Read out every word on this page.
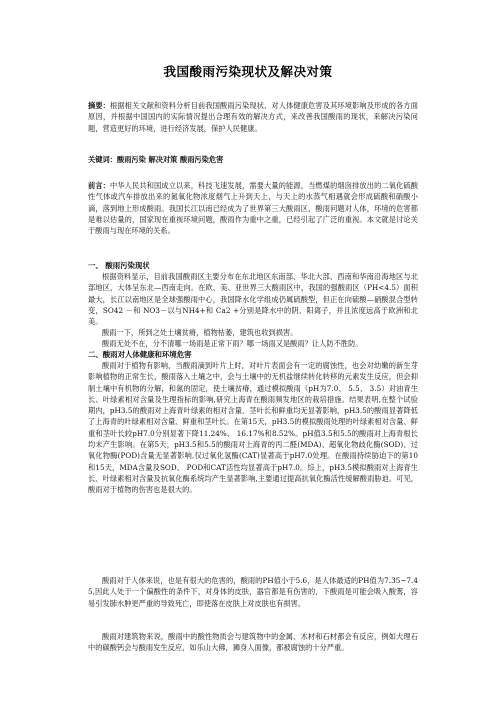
我国酸雨污染现状及解决对策
摘要：根据相关文献和资料分析目前我国酸雨污染现状、对人体健康危害及其环境影响及形成的各方面原因，并根据中国国内的实际情况提出合理有效的解决方式，来改善我国酸雨的现状，来解决污染问题，营造更好的环境，进行经济发展，保护人民健康。
关键词：酸雨污染 解决对策 酸雨污染危害
前言：中华人民共和国成立以来，科技飞速发展，需要大量的能源，当燃煤的烟囱排放出的二氧化硫酸性气体或汽车排放出来的氮氧化物浓度烟气上升到天上，与天上的水蒸气相遇就会形成硫酸和硝酸小滴，落到地上形成酸雨。我国长江以南已经成为了世界第三大酸雨区，酸雨问题对人体，环境的危害都是难以估量的，国家现在重视环境问题，酸雨作为重中之重，已经引起了广泛的重视。本文就是讨论关于酸雨与现在环境的关系。
一、 酸雨污染现状
根据资料显示，目前我国酸雨区主要分布在东北地区东南部、华北大部、西南和华南沿海地区与北部地区，大体呈东北—西南走向。在欧、美、亚世界三大酸雨区中，我国的强酸雨区（PH<4.5）面积最大，长江以南地区是全球强酸雨中心，我国降水化学组成仍属硫酸型，但正在向硫酸—硝酸混合型转变，SO42 －和 NO3－以与NH4+和 Ca2 +分别是降水中的阴、阳离子，并且浓度远高于欧洲和北美。
酸雨一下，所到之处土壤贫瘠，植物枯萎，建筑也收到损害。
酸雨无处不在，分不清哪一场雨是正常下雨？哪一场雨又是酸雨？让人防不胜防。
二、酸雨对人体健康和环境危害
酸雨对于植物有影响，当酸雨滴到叶片上时，对叶片表面会有一定的腐蚀性，也会对幼嫩的新生芽影响植物的正常生长，酸雨落入土壤之中，会与土壤中的无机盐继续转化转移的元素发生反应，但会抑制土壤中有机物的分解，和氮的固定，使土壤贫瘠，通过模拟酸雨（pH为7.0、 5.5、 3.5）对油青生长、叶绿素相对含量及生理指标的影响,研究上海青在酸雨频发地区的栽培措施。结果表明,在整个试验期内，pH3.5的酸雨对上海青叶绿素的相对含量、茎叶长和鲜重均无显著影响，pH3.5的酸雨显著降低了上海青的叶绿素相对含量、鲜重和茎叶长。在第15天，pH3.5的模拟酸雨处理的叶绿素相对含量、鲜重和茎叶长较pH7.0分别显著下降11.24%、 16.17%和8.52%。pH值3.5和5.5的酸雨对上海青根长均未产生影响。在第5天，pH3.5和5.5的酸雨对上海青的丙二醛(MDA)、超氧化物歧化酶(SOD)、过氧化物酶(POD)含量无显著影响,仅过氧化氢酶(CAT)显著高于pH7.0处理。在酸雨持续胁迫下的第10和15天，MDA含量及SOD、 POD和CAT活性均显著高于pH7.0。综上，pH3.5模拟酸雨对上海青生长、叶绿素相对含量及抗氧化酶系统均产生显著影响,主要通过提高抗氧化酶活性缓解酸雨胁迫。可见，酸雨对于植物的伤害也是很大的。
酸雨对于人体来说，也是有很大的危害的，酸雨的PH值小于5.6，是人体最适的PH值为7.35~7.45,因此人处于一个偏酸性的条件下，对身体的皮肤，器官都是有伤害的，下酸雨是可能会吸入酸雾，容易引发肺水肿更严重的导致死亡，即使落在皮肤上对皮肤也有损害。
酸雨对建筑物来说，酸雨中的酸性物质会与建筑物中的金属、木材和石材都会有反应，例如大理石中的碳酸钙会与酸雨发生反应，如乐山大佛，狮身人面像，都被腐蚀的十分严重。
